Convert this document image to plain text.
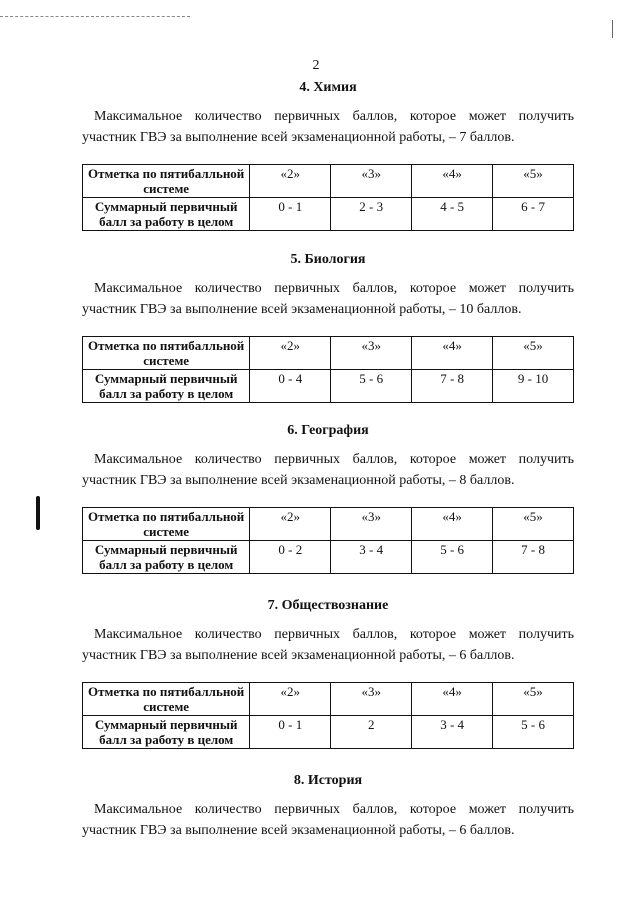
2
4. Химия

Максимальное количество первичных баллов, которое может получить участник ГВЭ за выполнение всей экзаменационной работы, – 7 баллов.

Отметка по пятибалльной системе	«2»	«3»	«4»	«5»
Суммарный первичный балл за работу в целом	0 - 1	2 - 3	4 - 5	6 - 7
5. Биология

Максимальное количество первичных баллов, которое может получить участник ГВЭ за выполнение всей экзаменационной работы, – 10 баллов.

Отметка по пятибалльной системе	«2»	«3»	«4»	«5»
Суммарный первичный балл за работу в целом	0 - 4	5 - 6	7 - 8	9 - 10
6. География

Максимальное количество первичных баллов, которое может получить участник ГВЭ за выполнение всей экзаменационной работы, – 8 баллов.

Отметка по пятибалльной системе	«2»	«3»	«4»	«5»
Суммарный первичный балл за работу в целом	0 - 2	3 - 4	5 - 6	7 - 8
7. Обществознание

Максимальное количество первичных баллов, которое может получить участник ГВЭ за выполнение всей экзаменационной работы, – 6 баллов.

Отметка по пятибалльной системе	«2»	«3»	«4»	«5»
Суммарный первичный балл за работу в целом	0 - 1	2	3 - 4	5 - 6
8. История

Максимальное количество первичных баллов, которое может получить участник ГВЭ за выполнение всей экзаменационной работы, – 6 баллов.
